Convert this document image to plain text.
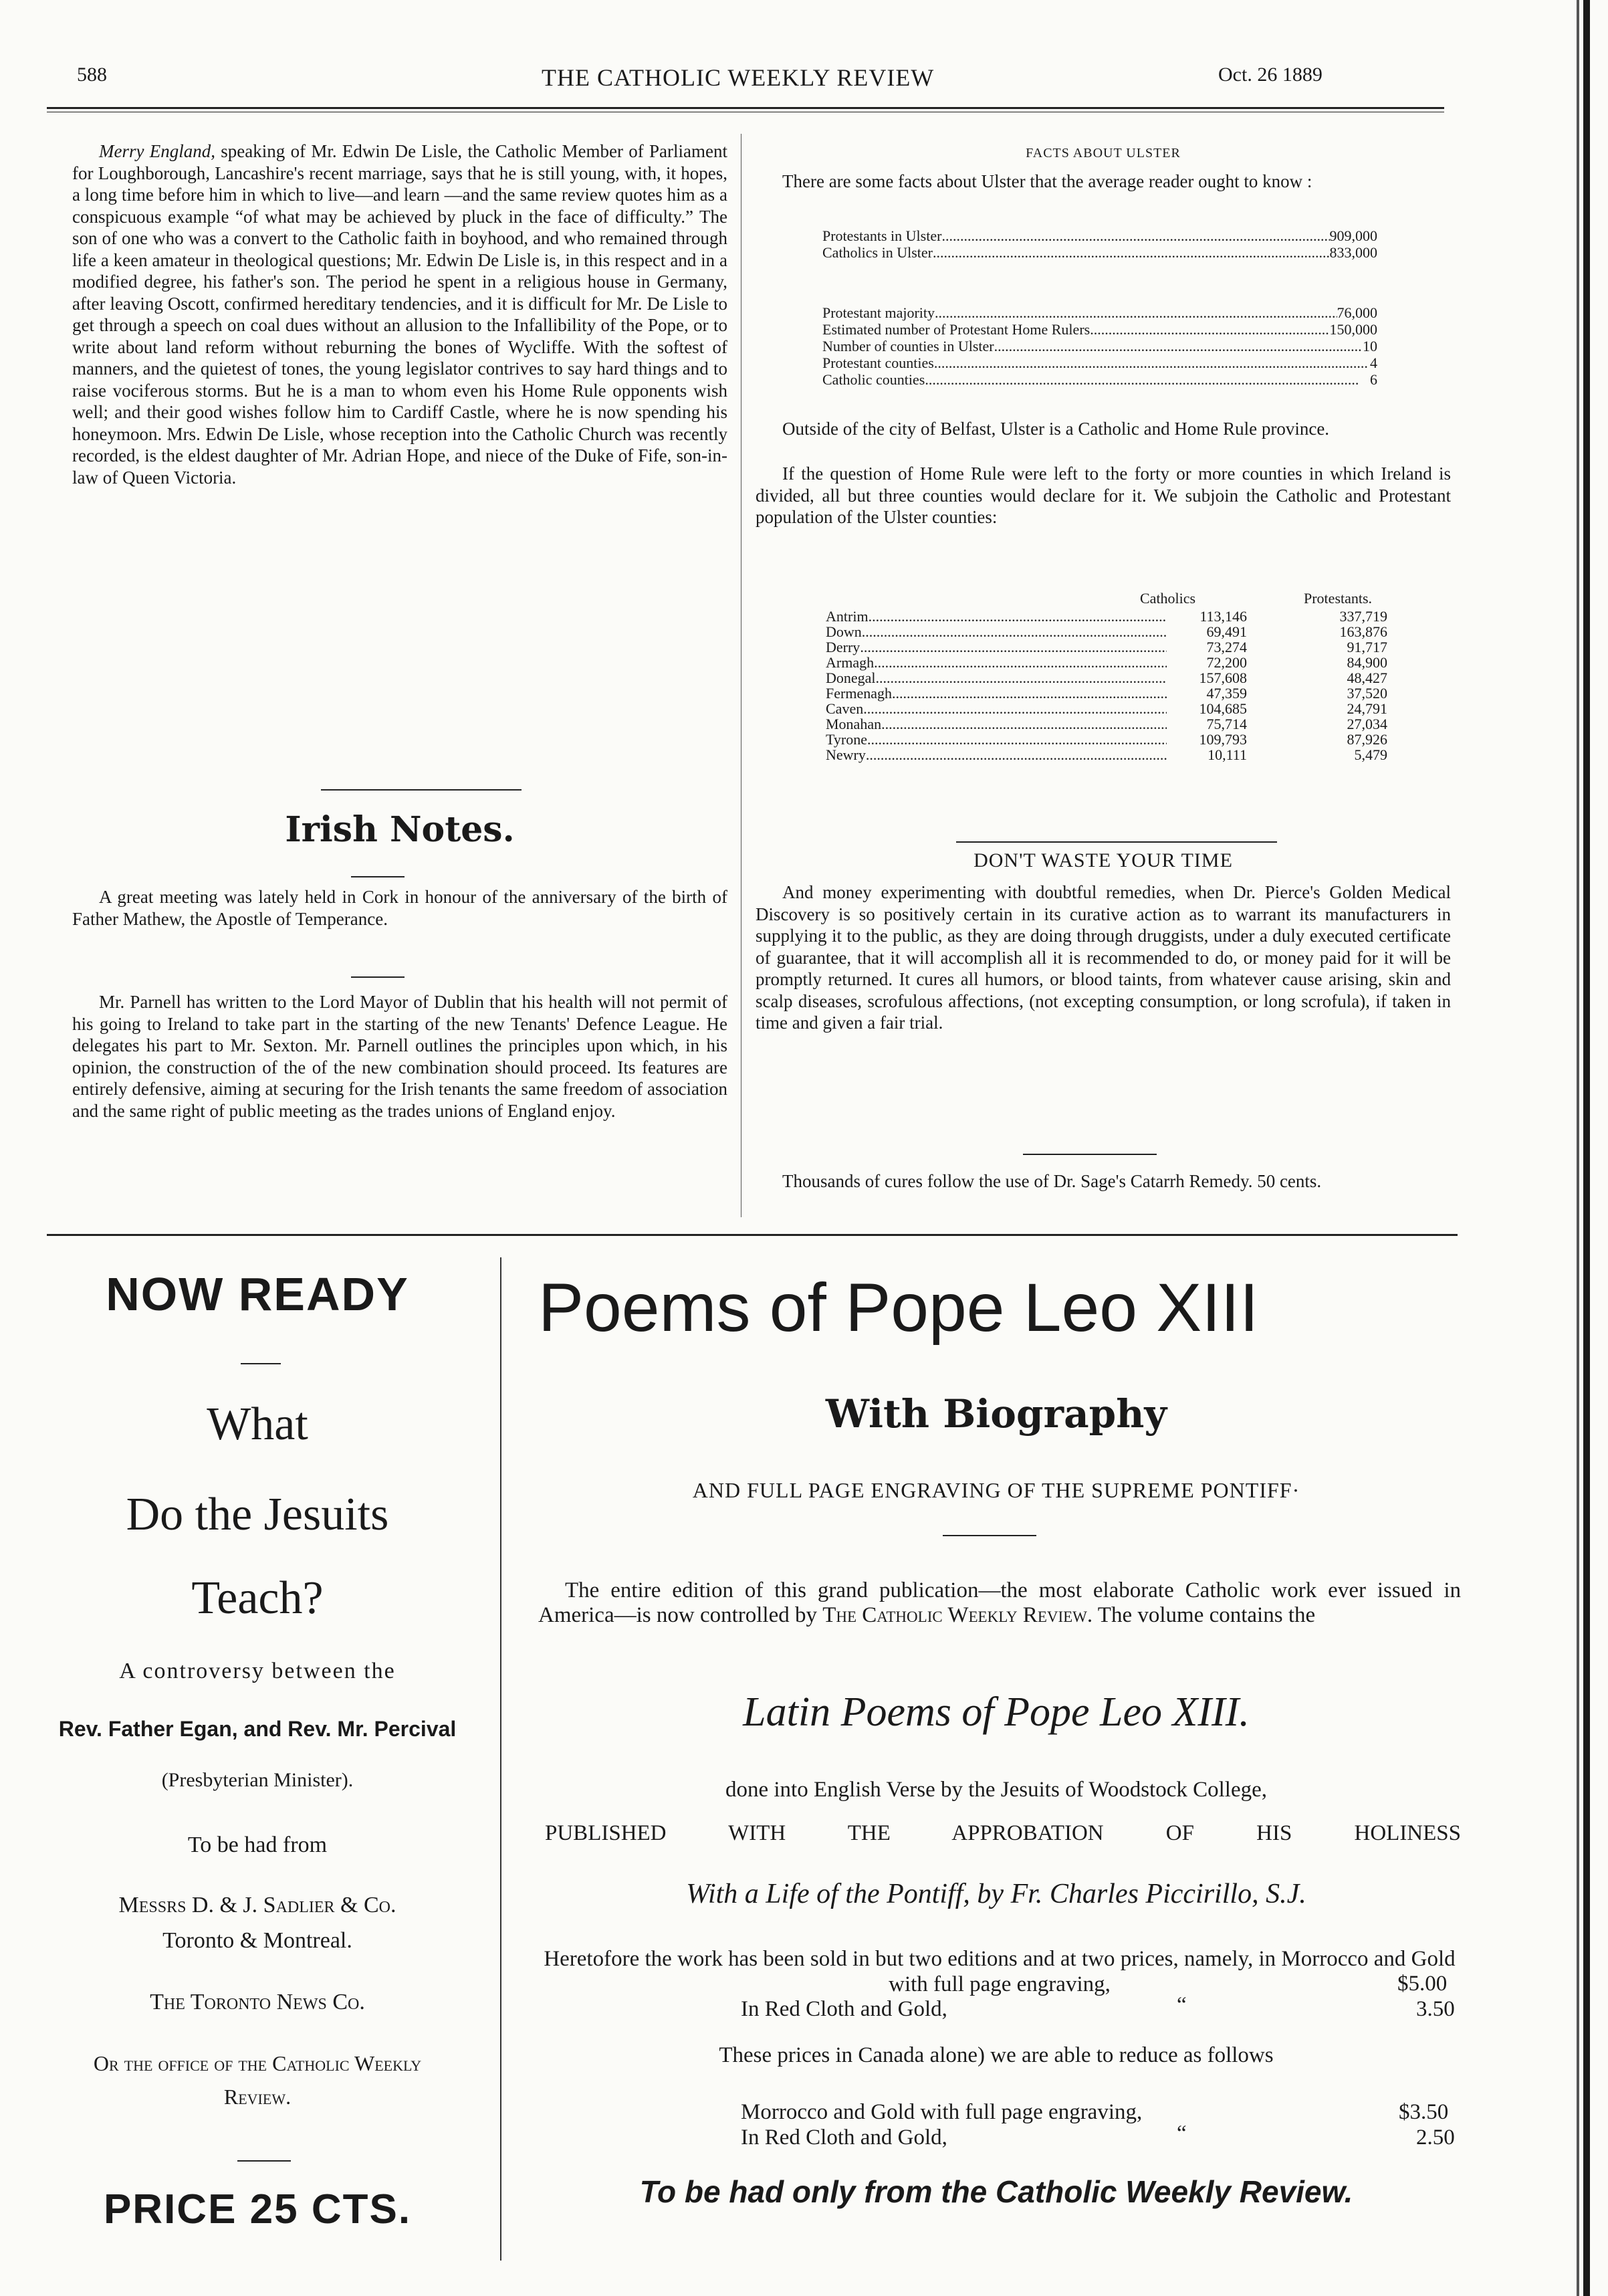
588	THE CATHOLIC WEEKLY REVIEW	Oct. 26 1889
Merry England, speaking of Mr. Edwin De Lisle, the Catholic Member of Parliament for Loughborough, Lancashire's recent marriage, says that he is still young, with, it hopes, a long time before him in which to live—and learn —and the same review quotes him as a conspicuous example “of what may be achieved by pluck in the face of difficulty.” The son of one who was a convert to the Catholic faith in boyhood, and who remained through life a keen amateur in theological questions; Mr. Edwin De Lisle is, in this respect and in a modified degree, his father's son. The period he spent in a religious house in Germany, after leaving Oscott, confirmed hereditary tendencies, and it is difficult for Mr. De Lisle to get through a speech on coal dues without an allusion to the Infallibility of the Pope, or to write about land reform without reburning the bones of Wycliffe. With the softest of manners, and the quietest of tones, the young legislator contrives to say hard things and to raise vociferous storms. But he is a man to whom even his Home Rule opponents wish well; and their good wishes follow him to Cardiff Castle, where he is now spending his honeymoon. Mrs. Edwin De Lisle, whose reception into the Catholic Church was recently recorded, is the eldest daughter of Mr. Adrian Hope, and niece of the Duke of Fife, son-in-law of Queen Victoria.
Irish Notes.
A great meeting was lately held in Cork in honour of the anniversary of the birth of Father Mathew, the Apostle of Temperance.
Mr. Parnell has written to the Lord Mayor of Dublin that his health will not permit of his going to Ireland to take part in the starting of the new Tenants' Defence League. He delegates his part to Mr. Sexton. Mr. Parnell outlines the principles upon which, in his opinion, the construction of the of the new combination should proceed. Its features are entirely defensive, aiming at securing for the Irish tenants the same freedom of association and the same right of public meeting as the trades unions of England enjoy.
FACTS ABOUT ULSTER
There are some facts about Ulster that the average reader ought to know :
Protestants in Ulster .....	909,000
Catholics in Ulster .....	833,000
Protestant majority .....	76,000
Estimated number of Protestant Home Rulers .....	150,000
Number of counties in Ulster .....	10
Protestant counties .....	4
Catholic counties .....	6
Outside of the city of Belfast, Ulster is a Catholic and Home Rule province.
If the question of Home Rule were left to the forty or more counties in which Ireland is divided, all but three counties would declare for it. We subjoin the Catholic and Protestant population of the Ulster counties:
Catholics	Protestants.
Antrim .....	113,146	337,719
Down .....	69,491	163,876
Derry .....	73,274	91,717
Armagh .....	72,200	84,900
Donegal .....	157,608	48,427
Fermenagh .....	47,359	37,520
Caven .....	104,685	24,791
Monahan .....	75,714	27,034
Tyrone .....	109,793	87,926
Newry .....	10,111	5,479
DON'T WASTE YOUR TIME
And money experimenting with doubtful remedies, when Dr. Pierce's Golden Medical Discovery is so positively certain in its curative action as to warrant its manufacturers in supplying it to the public, as they are doing through druggists, under a duly executed certificate of guarantee, that it will accomplish all it is recommended to do, or money paid for it will be promptly returned. It cures all humors, or blood taints, from whatever cause arising, skin and scalp diseases, scrofulous affections, (not excepting consumption, or long scrofula), if taken in time and given a fair trial.
Thousands of cures follow the use of Dr. Sage's Catarrh Remedy. 50 cents.
NOW READY
What
Do the Jesuits
Teach?
A controversy between the
Rev. Father Egan, and Rev. Mr. Percival
(Presbyterian Minister).
To be had from
Messrs D. & J. Sadlier & Co.
Toronto & Montreal.
The Toronto News Co.
Or the office of the Catholic Weekly Review.
PRICE 25 CTS.
Poems of Pope Leo XIII
With Biography
AND FULL PAGE ENGRAVING OF THE SUPREME PONTIFF·
The entire edition of this grand publication—the most elaborate Catholic work ever issued in America—is now controlled by The Catholic Weekly Review. The volume contains the
Latin Poems of Pope Leo XIII.
done into English Verse by the Jesuits of Woodstock College,
PUBLISHED WITH THE APPROBATION OF HIS HOLINESS
With a Life of the Pontiff, by Fr. Charles Piccirillo, S.J.
Heretofore the work has been sold in but two editions and at two prices, namely, in Morrocco and Gold with full page engraving,	$5.00
In Red Cloth and Gold,	“	3.50
These prices in Canada alone) we are able to reduce as follows
Morrocco and Gold with full page engraving,	$3.50
In Red Cloth and Gold,	“	2.50
To be had only from the Catholic Weekly Review.
